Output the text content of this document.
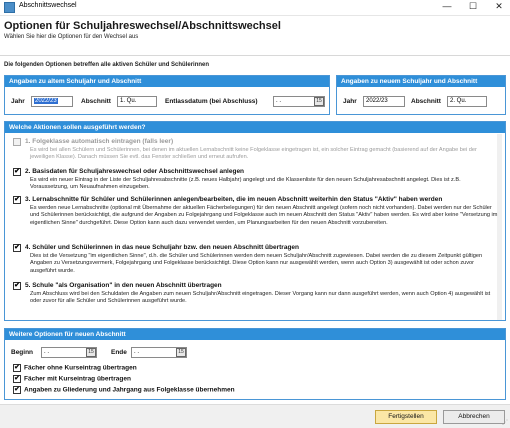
Abschnittswechsel	—	☐	✕
Optionen für Schuljahreswechsel/Abschnittswechsel
Wählen Sie hier die Optionen für den Wechsel aus
Die folgenden Optionen betreffen alle aktiven Schüler und Schülerinnen
Angaben zu altem Schuljahr und Abschnitt
Jahr	2022/23	Abschnitt	1. Qu.	Entlassdatum (bei Abschluss)	. .	15
Angaben zu neuem Schuljahr und Abschnitt
Jahr	2022/23	Abschnitt	2. Qu.
Welche Aktionen sollen ausgeführt werden?
1. Folgeklasse automatisch eintragen (falls leer)
Es wird bei allen Schülern und Schülerinnen, bei denen im aktuellen Lernabschnitt keine Folgeklasse eingetragen ist, ein solcher Eintrag gemacht (basierend auf der Angabe bei der jeweiligen Klasse). Danach müssen Sie evtl. das Fenster schließen und erneut aufrufen.
✔ 2. Basisdaten für Schuljahreswechsel oder Abschnittswechsel anlegen
Es wird ein neuer Eintrag in der Liste der Schuljahresabschnitte (z.B. neues Halbjahr) angelegt und die Klassenliste für den neuen Schuljahresabschnitt angelegt. Dies ist z.B. Voraussetzung, um Neuaufnahmen einzugeben.
✔ 3. Lernabschnitte für Schüler und Schülerinnen anlegen/bearbeiten, die im neuen Abschnitt weiterhin den Status "Aktiv" haben werden
Es werden neue Lernabschnitte (optional mit Übernahme der aktuellen Fächerbelegungen) für den neuen Abschnitt angelegt (sofern noch nicht vorhanden). Dabei werden nur der Schüler und Schülerinnen berücksichtigt, die aufgrund der Angaben zu Folgejahrgang und Folgeklasse auch im neuen Abschnitt den Status "Aktiv" haben werden. Es wird aber keine "Versetzung im eigentlichen Sinne" durchgeführt. Diese Option kann auch dazu verwendet werden, um Planungsarbeiten für den neuen Abschnitt vorzubereiten.
✔ 4. Schüler und Schülerinnen in das neue Schuljahr bzw. den neuen Abschnitt übertragen
Dies ist die Versetzung "im eigentlichen Sinne", d.h. die Schüler und Schülerinnen werden dem neuen Schuljahr/Abschnitt zugewiesen. Dabei werden die zu diesem Zeitpunkt gültigen Angaben zu Versetzungsvermerk, Folgejahrgang und Folgeklasse berücksichtigt. Diese Option kann nur ausgewählt werden, wenn auch Option 3) ausgewählt ist oder schon zuvor ausgeführt wurde.
✔ 5. Schule "als Organisation" in den neuen Abschnitt übertragen
Zum Abschluss wird bei den Schuldaten die Angaben zum neuen Schuljahr/Abschnitt eingetragen. Dieser Vorgang kann nur dann ausgeführt werden, wenn auch Option 4) ausgewählt ist oder zuvor für alle Schüler und Schülerinnen ausgeführt wurde.
Weitere Optionen für neuen Abschnitt
Beginn	. .	15	Ende	. .	15
✔ Fächer ohne Kurseintrag übertragen
✔ Fächer mit Kurseintrag übertragen
✔ Angaben zu Gliederung und Jahrgang aus Folgeklasse übernehmen
Fertigstellen	Abbrechen
⋰
